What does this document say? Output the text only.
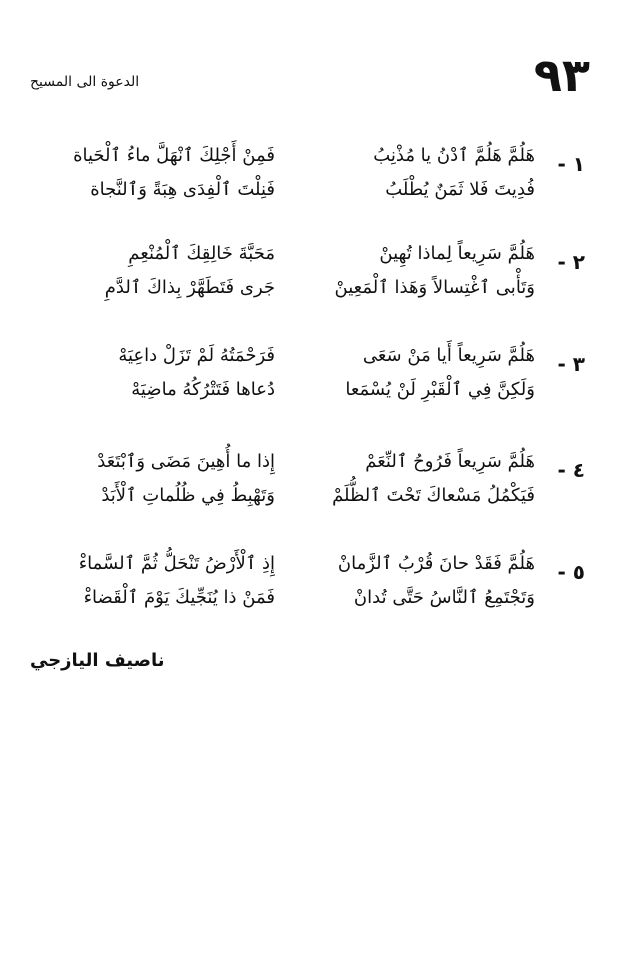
٩٣
الدعوة الى المسيح
١ -
هَلُمَّ هَلُمَّ ٱدْنُ يا مُذْنِبُ
فَمِنْ أَجْلِكَ ٱنْهَلَّ ماءُ ٱلْحَياة
فُدِيتَ فَلا ثَمَنٌ يُطْلَبُ
فَنِلْتَ ٱلْفِدَى هِبَةً وَٱلنَّجاة
٢ -
هَلُمَّ سَرِيعاً لِماذا تُهِينْ
مَحَبَّةَ خَالِقِكَ ٱلْمُنْعِمِ
وَتَأْبى ٱغْتِسالاً وَهَذا ٱلْمَعِينْ
جَرى فَتَطَهَّرْ بِذاكَ ٱلدَّمِ
٣ -
هَلُمَّ سَرِيعاً أَيا مَنْ سَعَى
فَرَحْمَتُهُ لَمْ تَزَلْ داعِيَهْ
وَلَكِنَّ فِي ٱلْقَبْرِ لَنْ يُسْمَعا
دُعاها فَتَتْرُكُهُ ماضِيَهْ
٤ -
هَلُمَّ سَرِيعاً فَرُوحُ ٱلنِّعَمْ
إِذا ما أُهِينَ مَضَى وَٱبْتَعَدْ
فَيَكْمُلُ مَسْعاكَ تَحْتَ ٱلظُّلَمْ
وَتَهْبِطُ فِي ظُلُماتِ ٱلْأَبَدْ
٥ -
هَلُمَّ فَقَدْ حانَ قُرْبُ ٱلزَّمانْ
إِذِ ٱلْأَرْضُ تَنْحَلُّ ثُمَّ ٱلسَّماءْ
وَتَجْتَمِعُ ٱلنَّاسُ حَتَّى تُدانْ
فَمَنْ ذا يُنَجِّيكَ يَوْمَ ٱلْقَضاءْ
ناصيف اليازجي
